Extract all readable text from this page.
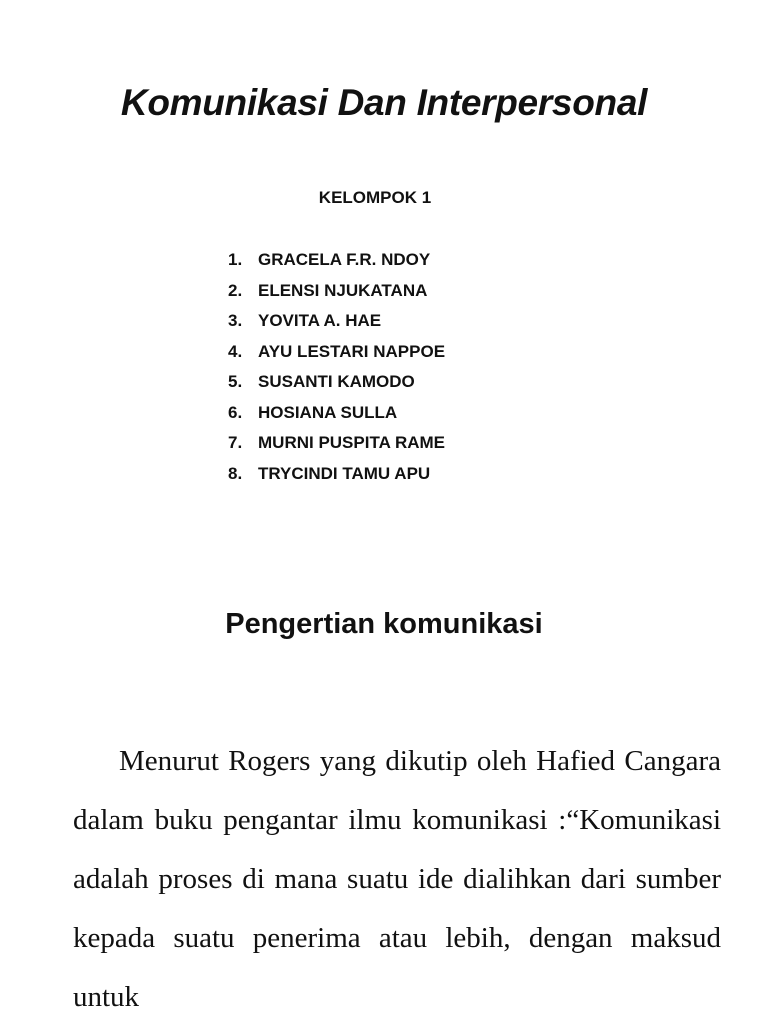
Komunikasi Dan Interpersonal

KELOMPOK 1

1. GRACELA F.R. NDOY
2. ELENSI NJUKATANA
3. YOVITA A. HAE
4. AYU LESTARI NAPPOE
5. SUSANTI KAMODO
6. HOSIANA SULLA
7. MURNI PUSPITA RAME
8. TRYCINDI TAMU APU
Pengertian komunikasi

Menurut Rogers yang dikutip oleh Hafied Cangara dalam buku pengantar ilmu komunikasi :“Komunikasi adalah proses di mana suatu ide dialihkan dari sumber kepada suatu penerima atau lebih, dengan maksud untuk
